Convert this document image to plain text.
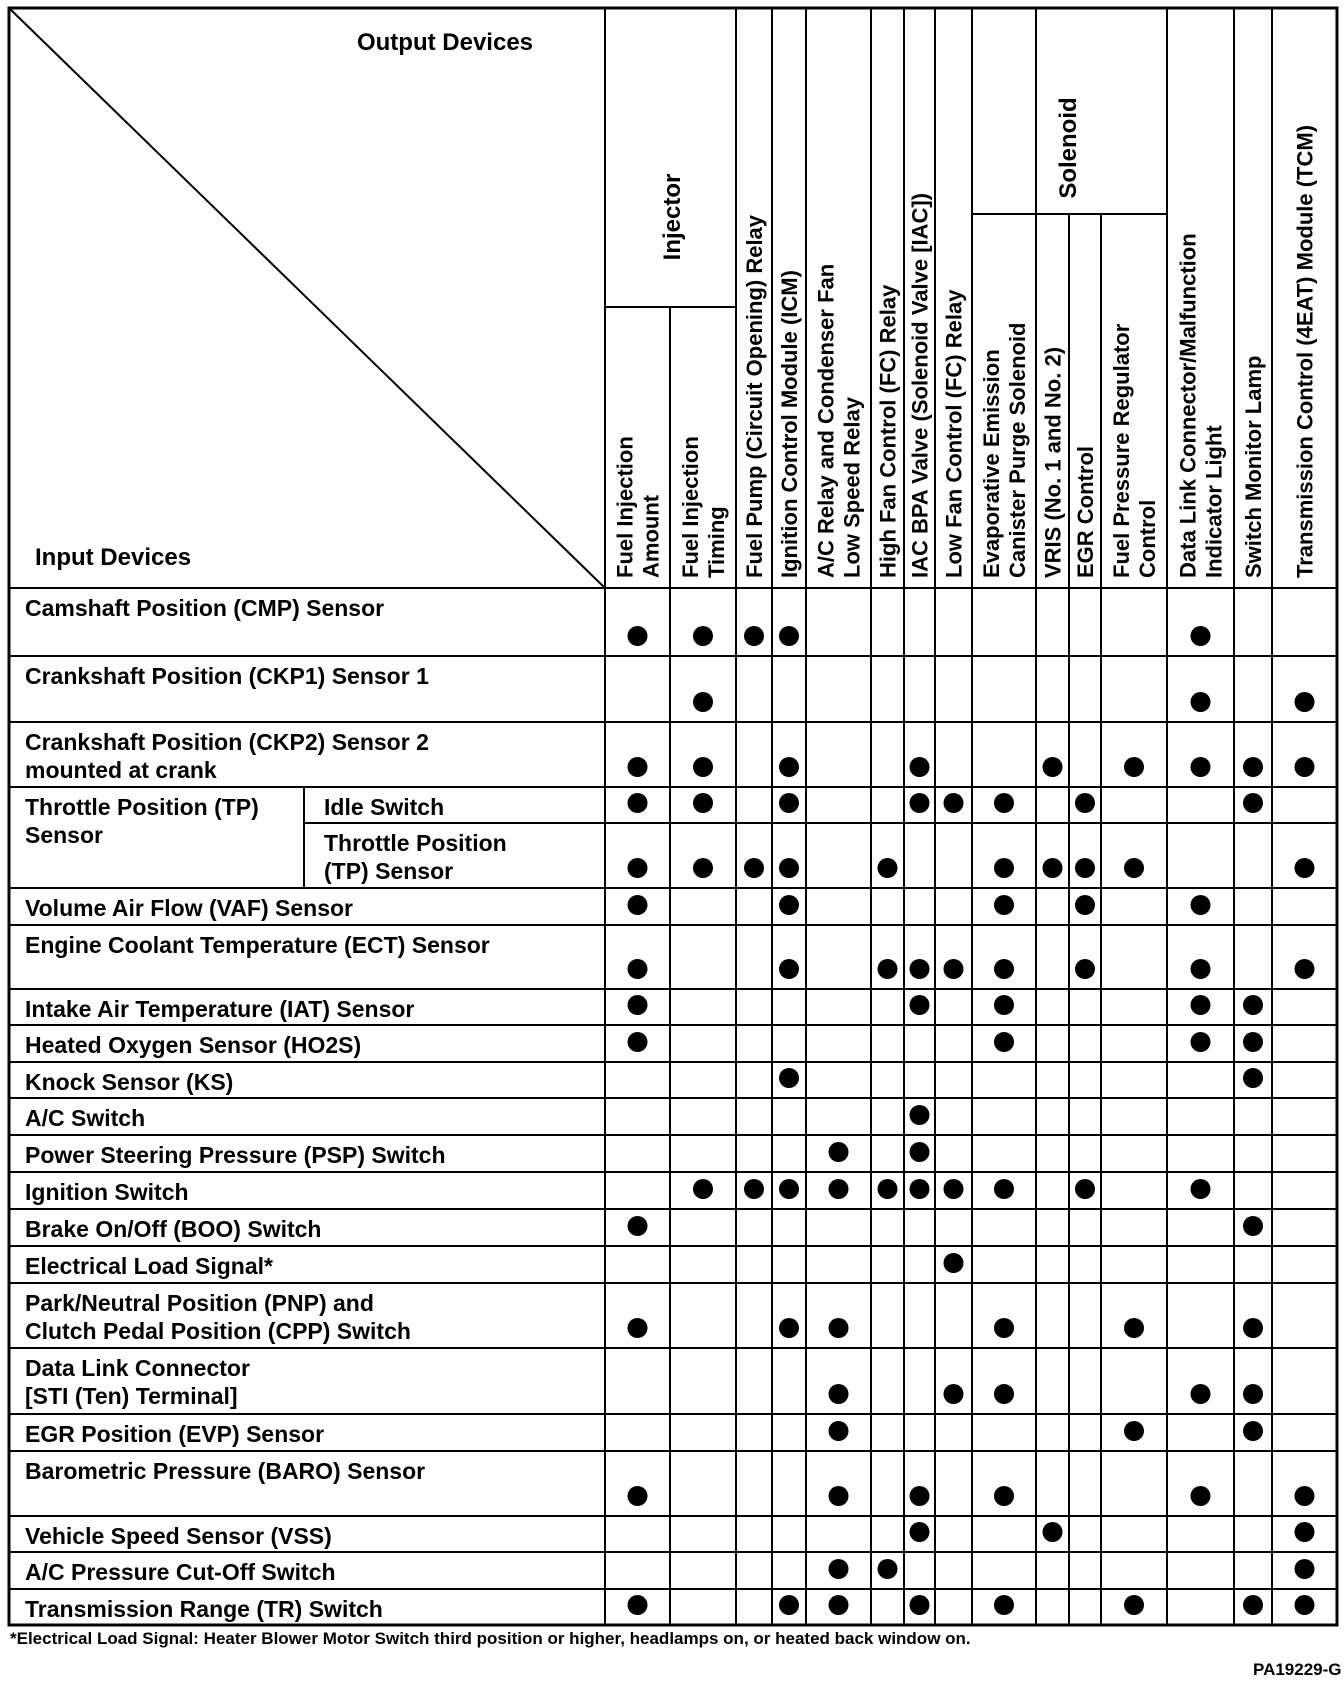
Output Devices
Input Devices
Injector
Solenoid
Fuel Injection Amount Fuel Injection Timing Fuel Pump (Circuit Opening) Relay Ignition Control Module (ICM) A/C Relay and Condenser Fan Low Speed Relay High Fan Control (FC) Relay IAC BPA Valve (Solenoid Valve [IAC]) Low Fan Control (FC) Relay Evaporative Emission Canister Purge Solenoid VRIS (No. 1 and No. 2) EGR Control Fuel Pressure Regulator Control Data Link Connector/Malfunction Indicator Light Switch Monitor Lamp Transmission Control (4EAT) Module (TCM)
Camshaft Position (CMP) Sensor
Crankshaft Position (CKP1) Sensor 1
Crankshaft Position (CKP2) Sensor 2
mounted at crank
Throttle Position (TP)
Sensor
Idle Switch
Throttle Position
(TP) Sensor
Volume Air Flow (VAF) Sensor
Engine Coolant Temperature (ECT) Sensor
Intake Air Temperature (IAT) Sensor
Heated Oxygen Sensor (HO2S)
Knock Sensor (KS)
A/C Switch
Power Steering Pressure (PSP) Switch
Ignition Switch
Brake On/Off (BOO) Switch
Electrical Load Signal*
Park/Neutral Position (PNP) and
Clutch Pedal Position (CPP) Switch
Data Link Connector
[STI (Ten) Terminal]
EGR Position (EVP) Sensor
Barometric Pressure (BARO) Sensor
Vehicle Speed Sensor (VSS)
A/C Pressure Cut-Off Switch
Transmission Range (TR) Switch
*Electrical Load Signal: Heater Blower Motor Switch third position or higher, headlamps on, or heated back window on.
PA19229-G
